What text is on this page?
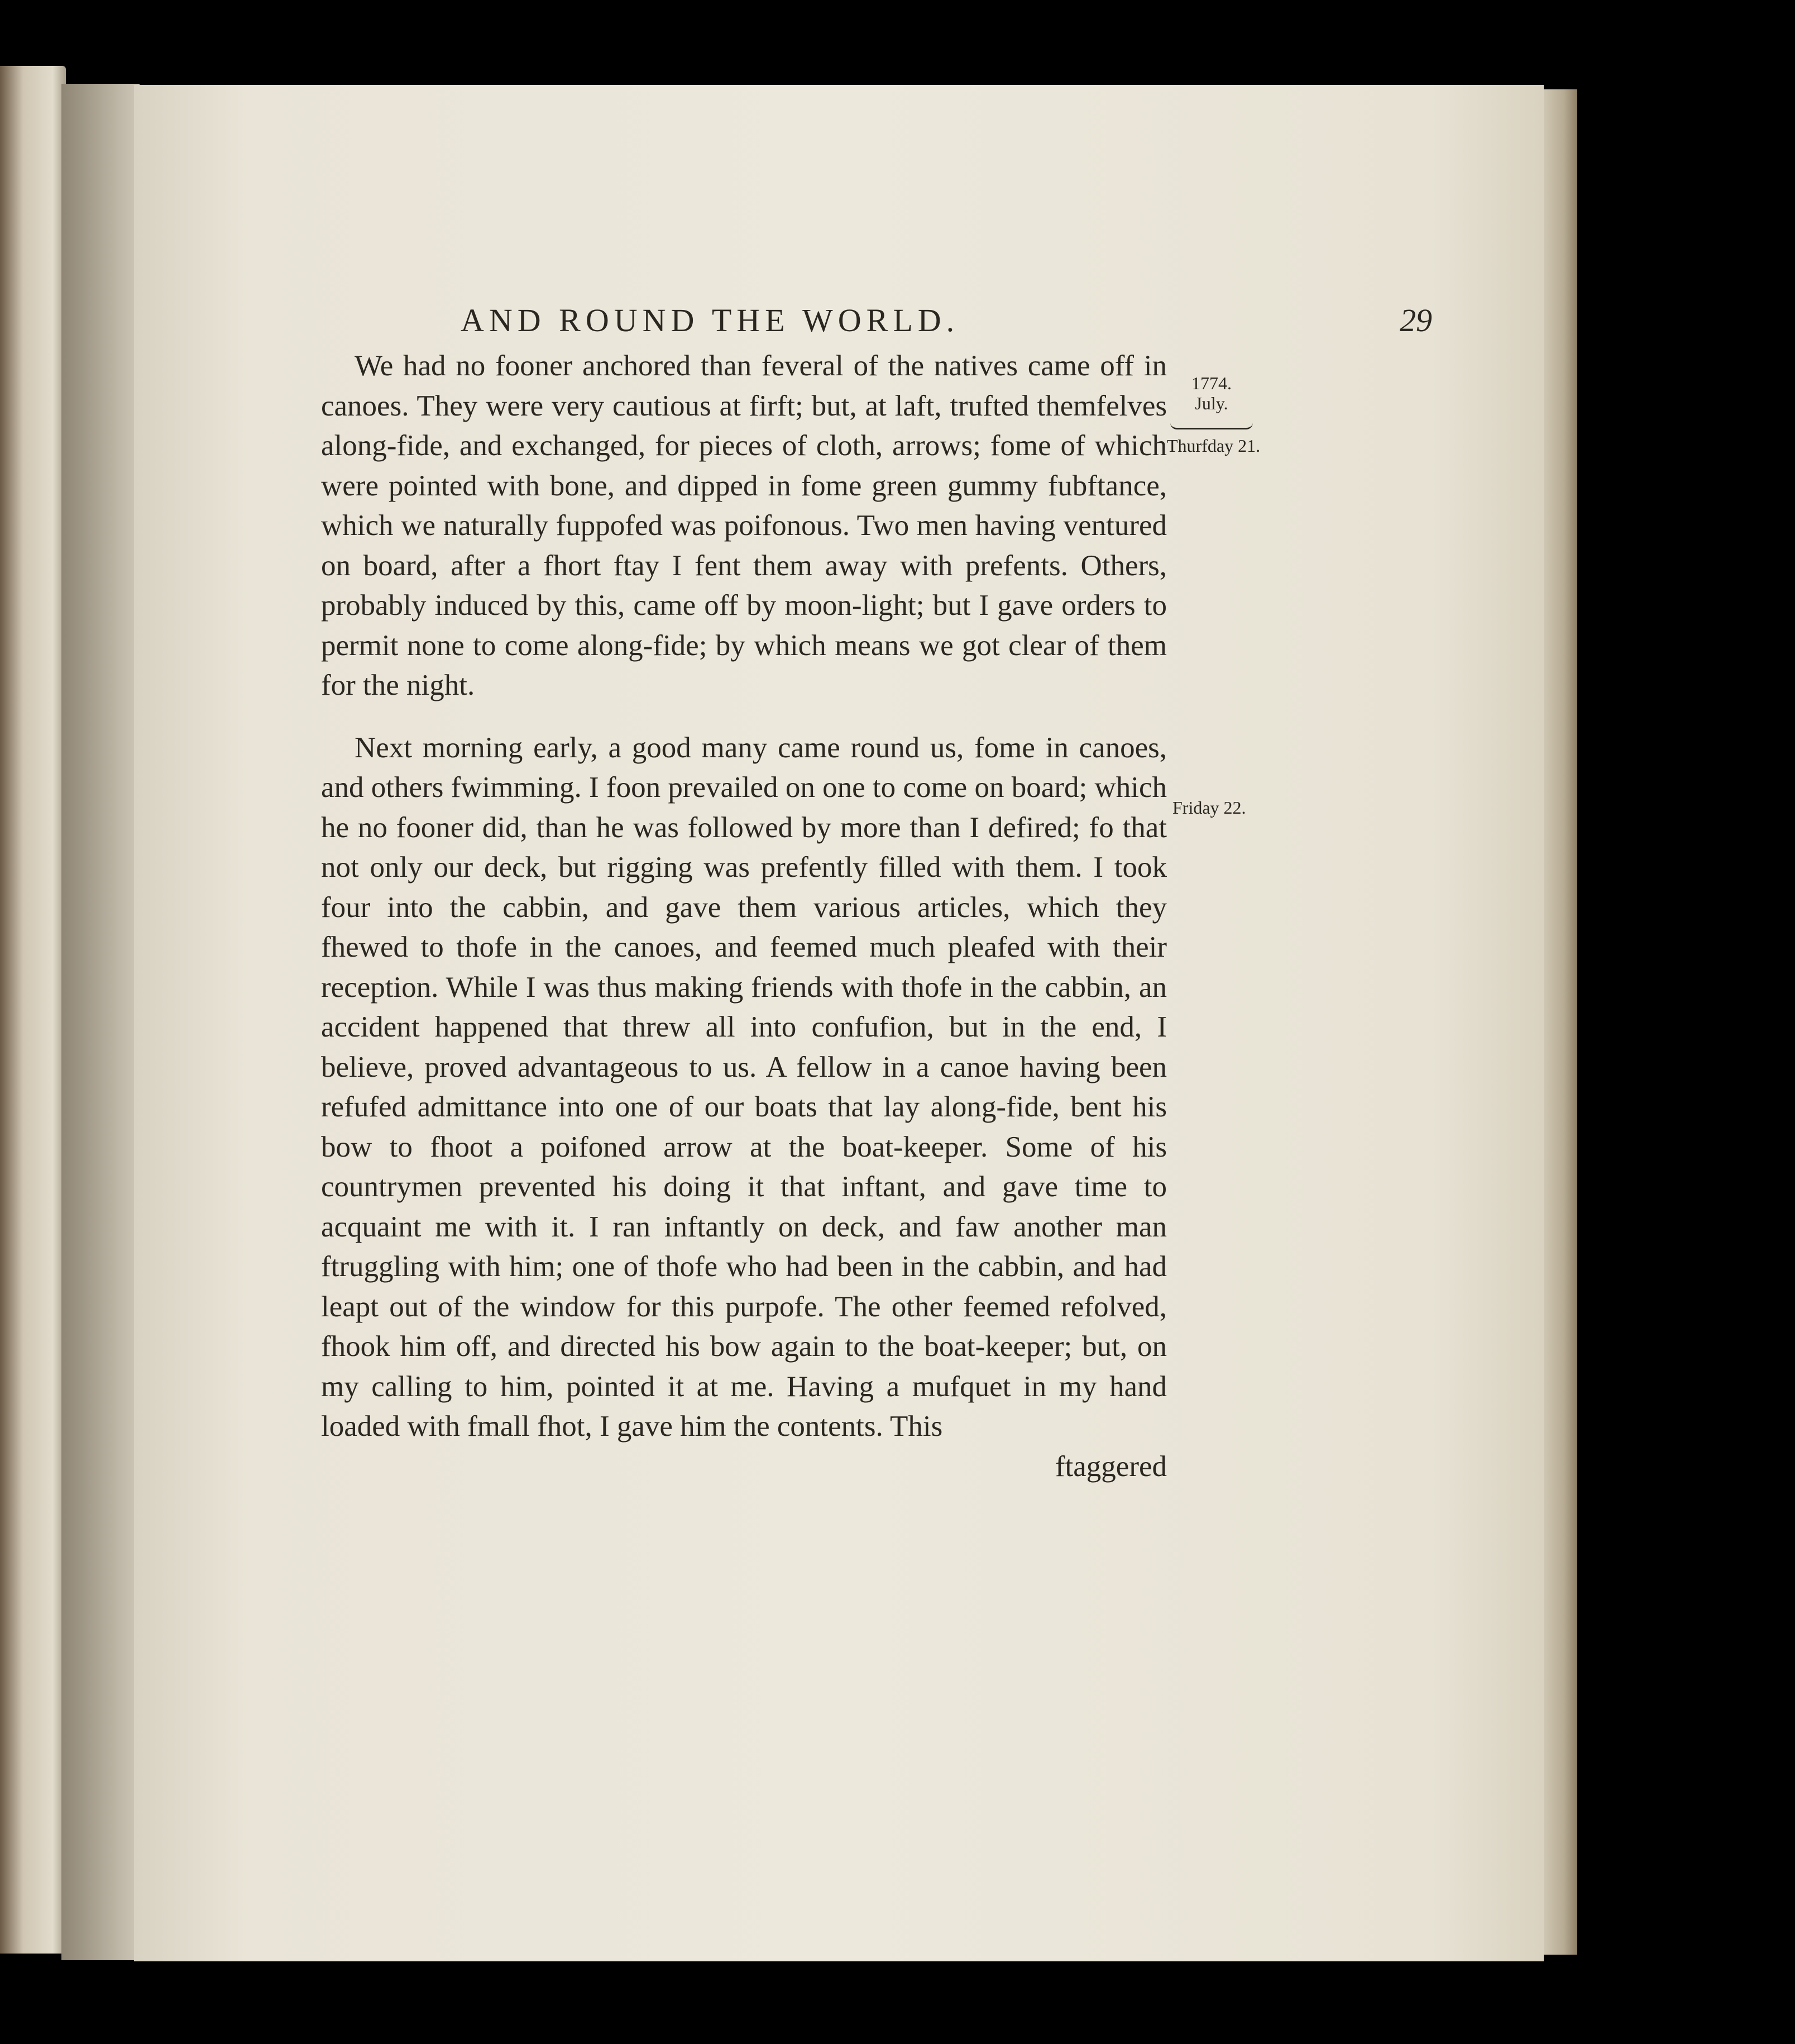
AND ROUND THE WORLD.	29

We had no fooner anchored than feveral of the natives came off in canoes. They were very cautious at firft; but, at laft, trufted themfelves along-fide, and exchanged, for pieces of cloth, arrows; fome of which were pointed with bone, and dipped in fome green gummy fubftance, which we naturally fuppofed was poifonous. Two men having ventured on board, after a fhort ftay I fent them away with prefents. Others, probably induced by this, came off by moon-light; but I gave orders to permit none to come along-fide; by which means we got clear of them for the night.

Next morning early, a good many came round us, fome in canoes, and others fwimming. I foon prevailed on one to come on board; which he no fooner did, than he was followed by more than I defired; fo that not only our deck, but rigging was prefently filled with them. I took four into the cabbin, and gave them various articles, which they fhewed to thofe in the canoes, and feemed much pleafed with their reception. While I was thus making friends with thofe in the cabbin, an accident happened that threw all into confufion, but in the end, I believe, proved advantageous to us. A fellow in a canoe having been refufed admittance into one of our boats that lay along-fide, bent his bow to fhoot a poifoned arrow at the boat-keeper. Some of his countrymen prevented his doing it that inftant, and gave time to acquaint me with it. I ran inftantly on deck, and faw another man ftruggling with him; one of thofe who had been in the cabbin, and had leapt out of the window for this purpofe. The other feemed refolved, fhook him off, and directed his bow again to the boat-keeper; but, on my calling to him, pointed it at me. Having a mufquet in my hand loaded with fmall fhot, I gave him the contents. This

ftaggered

1774.
July.
Thurfday 21.
Friday 22.
